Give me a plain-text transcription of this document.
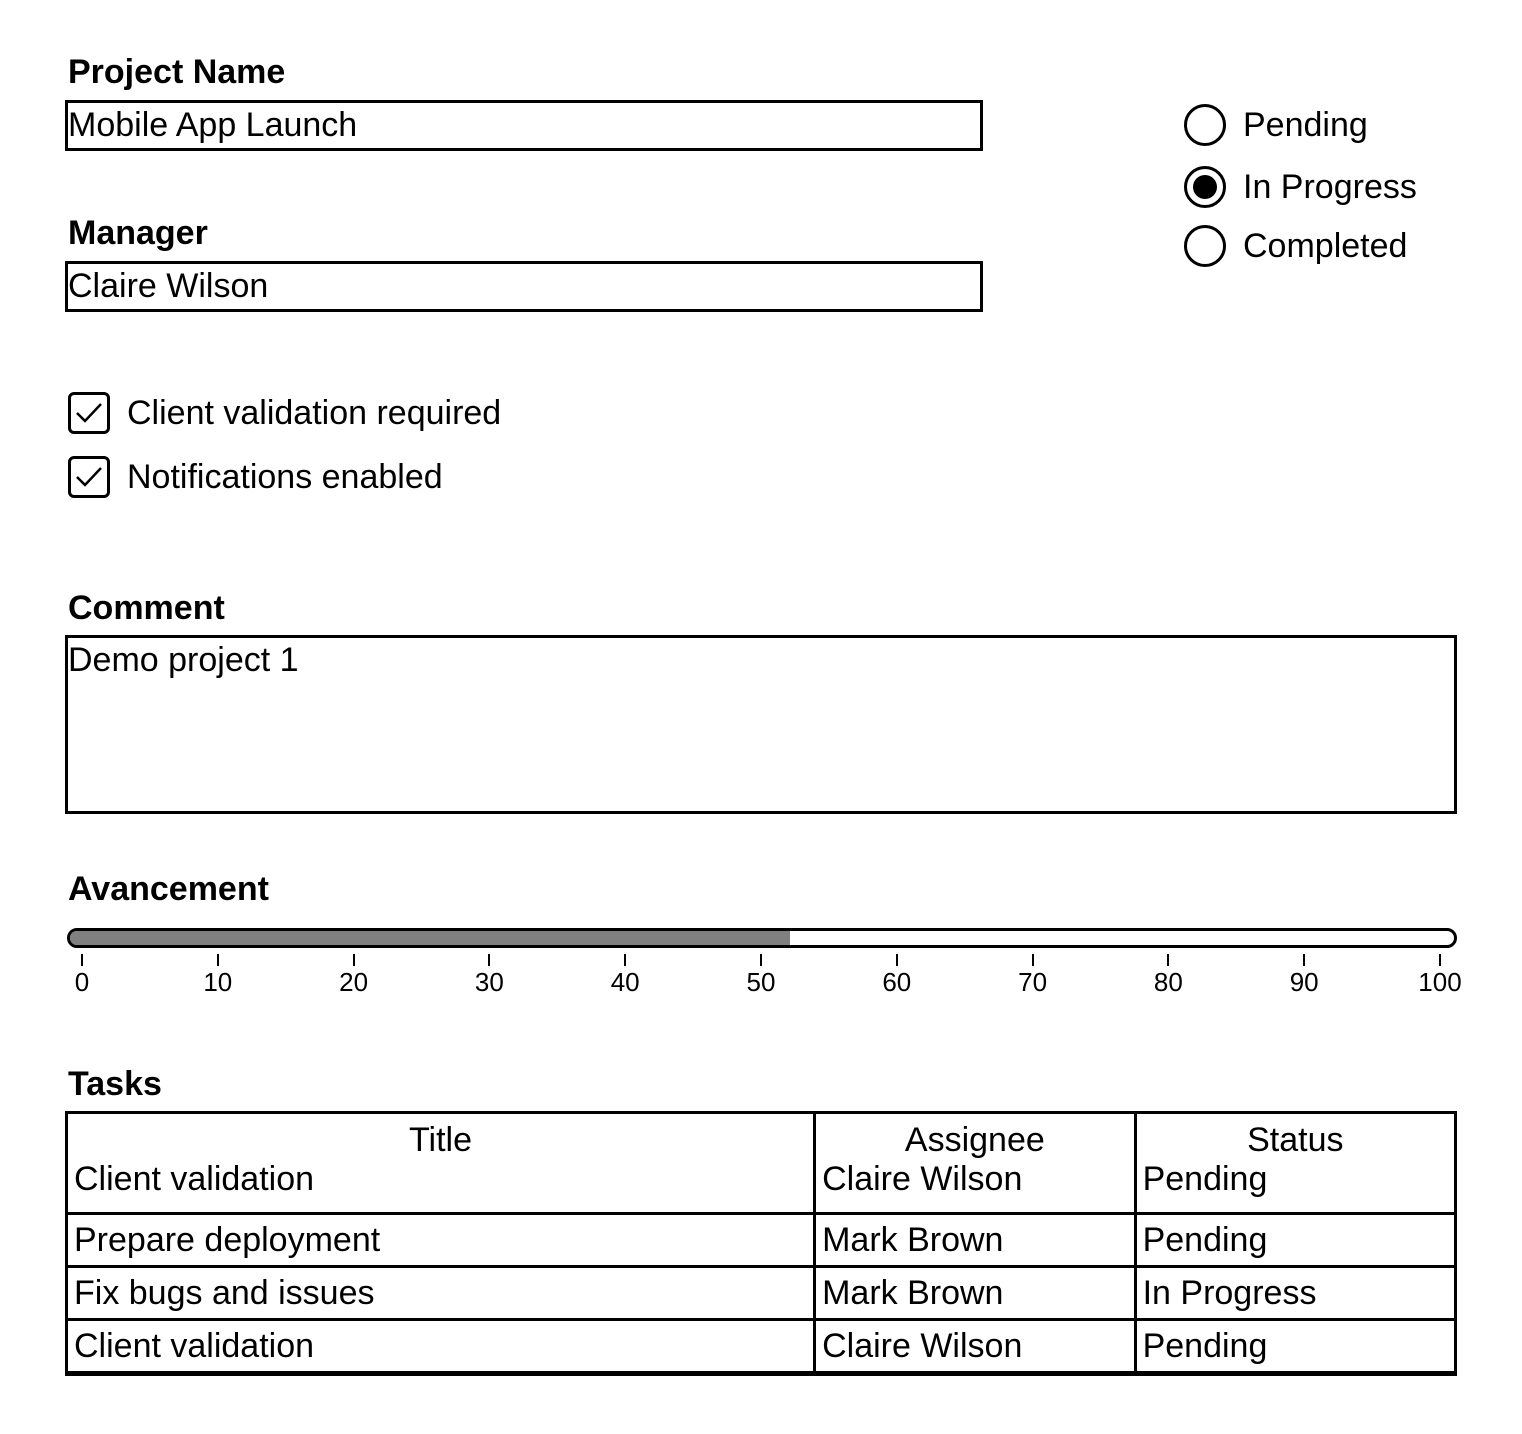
Project Name
Mobile App Launch
Manager
Claire Wilson
Pending
In Progress
Completed
Client validation required
Notifications enabled
Comment
Demo project 1
Avancement
0	10	20	30	40	50	60	70	80	90	100
Tasks
Title	Assignee	Status
Client validation	Claire Wilson	Pending
Prepare deployment	Mark Brown	Pending
Fix bugs and issues	Mark Brown	In Progress
Client validation	Claire Wilson	Pending
